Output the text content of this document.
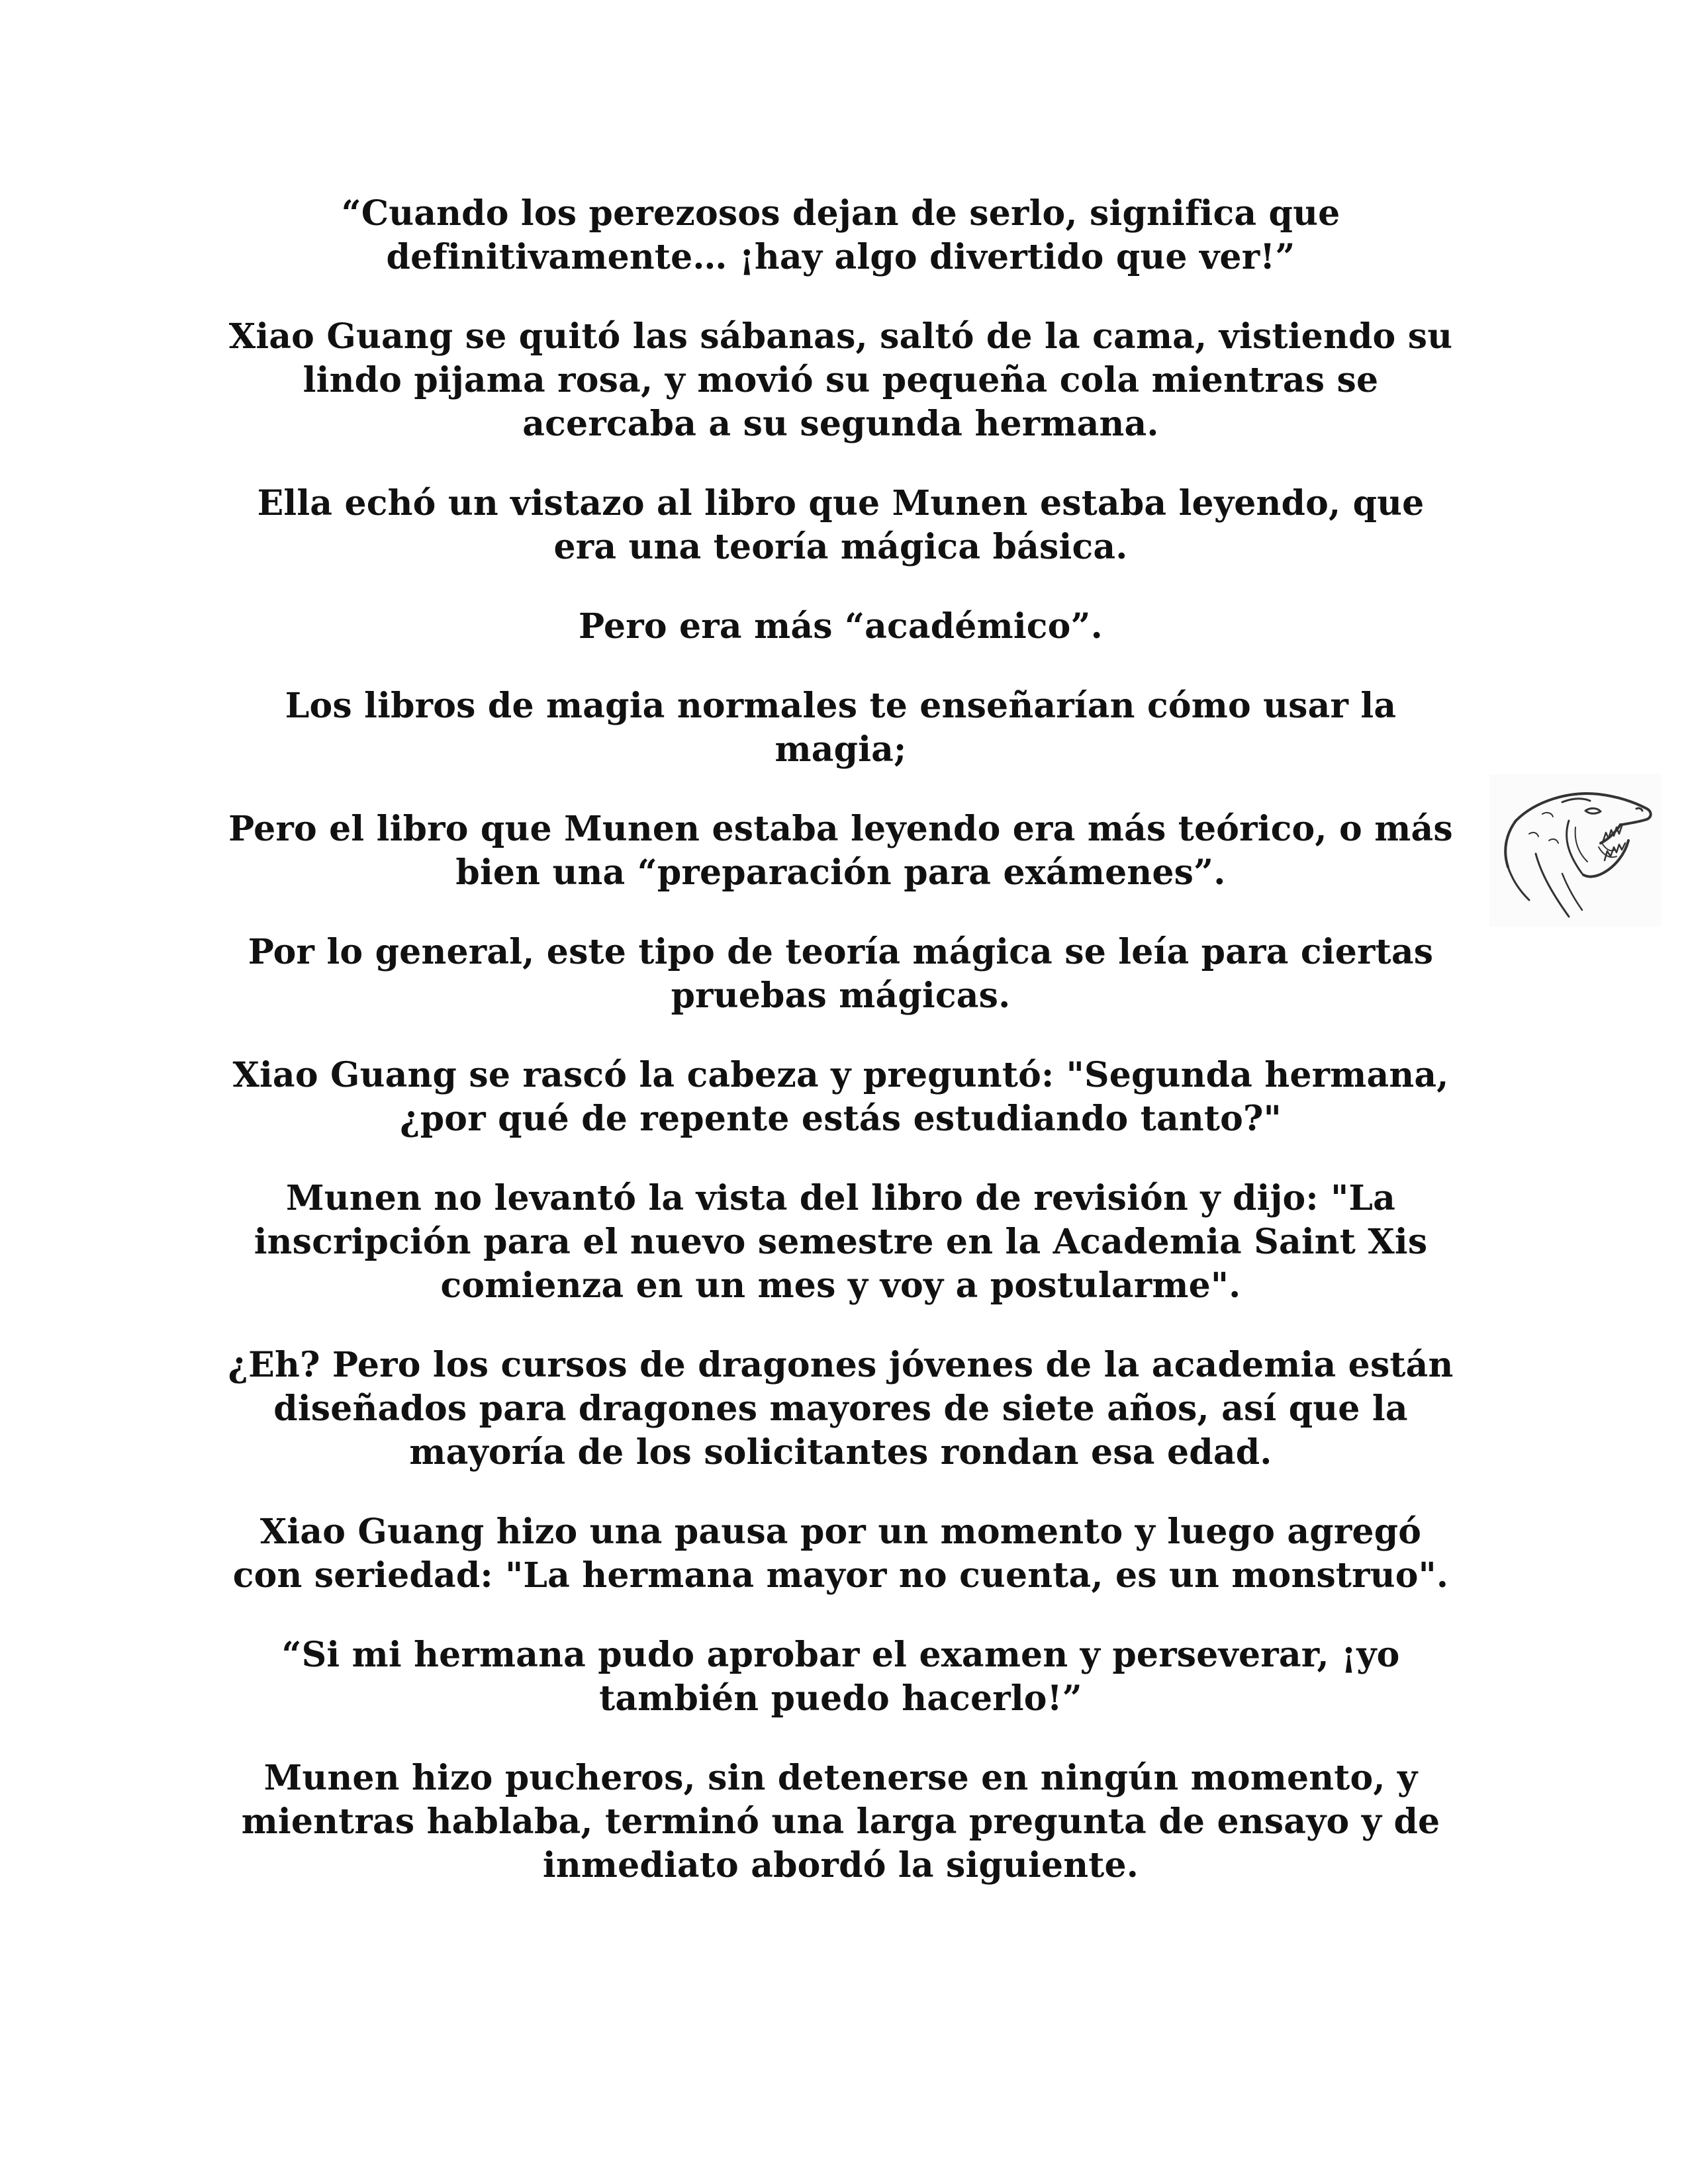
“Cuando los perezosos dejan de serlo, significa que
definitivamente… ¡hay algo divertido que ver!”

Xiao Guang se quitó las sábanas, saltó de la cama, vistiendo su
lindo pijama rosa, y movió su pequeña cola mientras se
acercaba a su segunda hermana.

Ella echó un vistazo al libro que Munen estaba leyendo, que
era una teoría mágica básica.

Pero era más “académico”.

Los libros de magia normales te enseñarían cómo usar la
magia;

Pero el libro que Munen estaba leyendo era más teórico, o más
bien una “preparación para exámenes”.

Por lo general, este tipo de teoría mágica se leía para ciertas
pruebas mágicas.

Xiao Guang se rascó la cabeza y preguntó: "Segunda hermana,
¿por qué de repente estás estudiando tanto?"

Munen no levantó la vista del libro de revisión y dijo: "La
inscripción para el nuevo semestre en la Academia Saint Xis
comienza en un mes y voy a postularme".

¿Eh? Pero los cursos de dragones jóvenes de la academia están
diseñados para dragones mayores de siete años, así que la
mayoría de los solicitantes rondan esa edad.

Xiao Guang hizo una pausa por un momento y luego agregó
con seriedad: "La hermana mayor no cuenta, es un monstruo".

“Si mi hermana pudo aprobar el examen y perseverar, ¡yo
también puedo hacerlo!”

Munen hizo pucheros, sin detenerse en ningún momento, y
mientras hablaba, terminó una larga pregunta de ensayo y de
inmediato abordó la siguiente.
